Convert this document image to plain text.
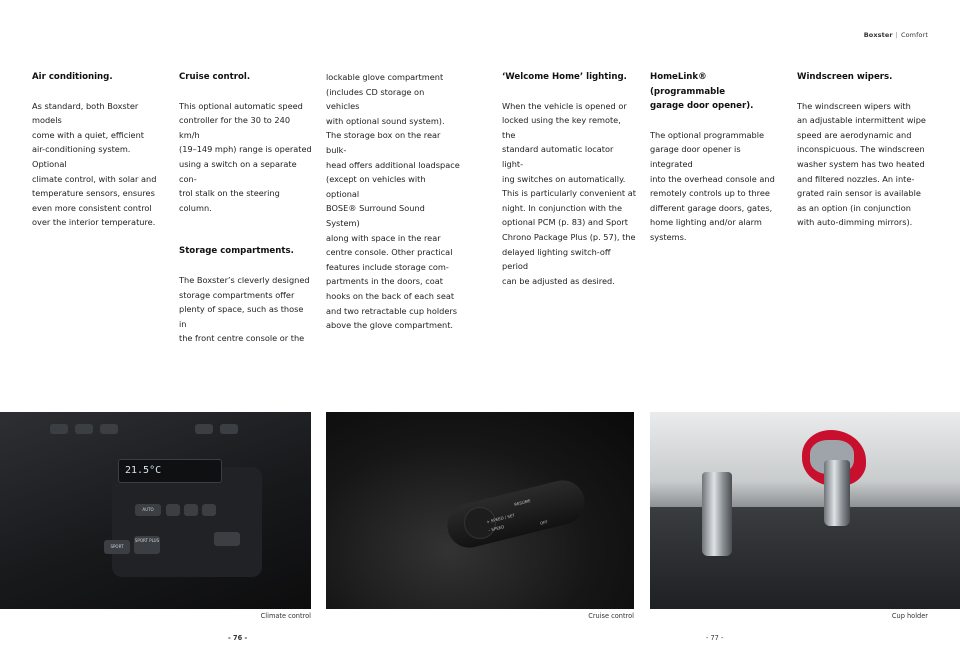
Boxster | Comfort
Air conditioning.

As standard, both Boxster models
come with a quiet, efficient
air-conditioning system. Optional
climate control, with solar and
temperature sensors, ensures
even more consistent control
over the interior temperature.

Cruise control.

This optional automatic speed
controller for the 30 to 240 km/h
(19–149 mph) range is operated
using a switch on a separate con-
trol stalk on the steering column.

Storage compartments.

The Boxster’s cleverly designed
storage compartments offer
plenty of space, such as those in
the front centre console or the

lockable glove compartment
(includes CD storage on vehicles
with optional sound system).
The storage box on the rear bulk-
head offers additional loadspace
(except on vehicles with optional
BOSE® Surround Sound System)
along with space in the rear
centre console. Other practical
features include storage com-
partments in the doors, coat
hooks on the back of each seat
and two retractable cup holders
above the glove compartment.

‘Welcome Home’ lighting.

When the vehicle is opened or
locked using the key remote, the
standard automatic locator light-
ing switches on automatically.
This is particularly convenient at
night. In conjunction with the
optional PCM (p. 83) and Sport
Chrono Package Plus (p. 57), the
delayed lighting switch-off period
can be adjusted as desired.

HomeLink® (programmable
garage door opener).

The optional programmable
garage door opener is integrated
into the overhead console and
remotely controls up to three
different garage doors, gates,
home lighting and/or alarm
systems.

Windscreen wipers.

The windscreen wipers with
an adjustable intermittent wipe
speed are aerodynamic and
inconspicuous. The windscreen
washer system has two heated
and filtered nozzles. An inte-
grated rain sensor is available
as an option (in conjunction
with auto-dimming mirrors).

21.5°C
AUTO
SPORT
SPORT PLUS
RESUME
+ SPEED / SET
– SPEED
OFF
Climate control	Cruise control	Cup holder
- 76 -	- 77 -
